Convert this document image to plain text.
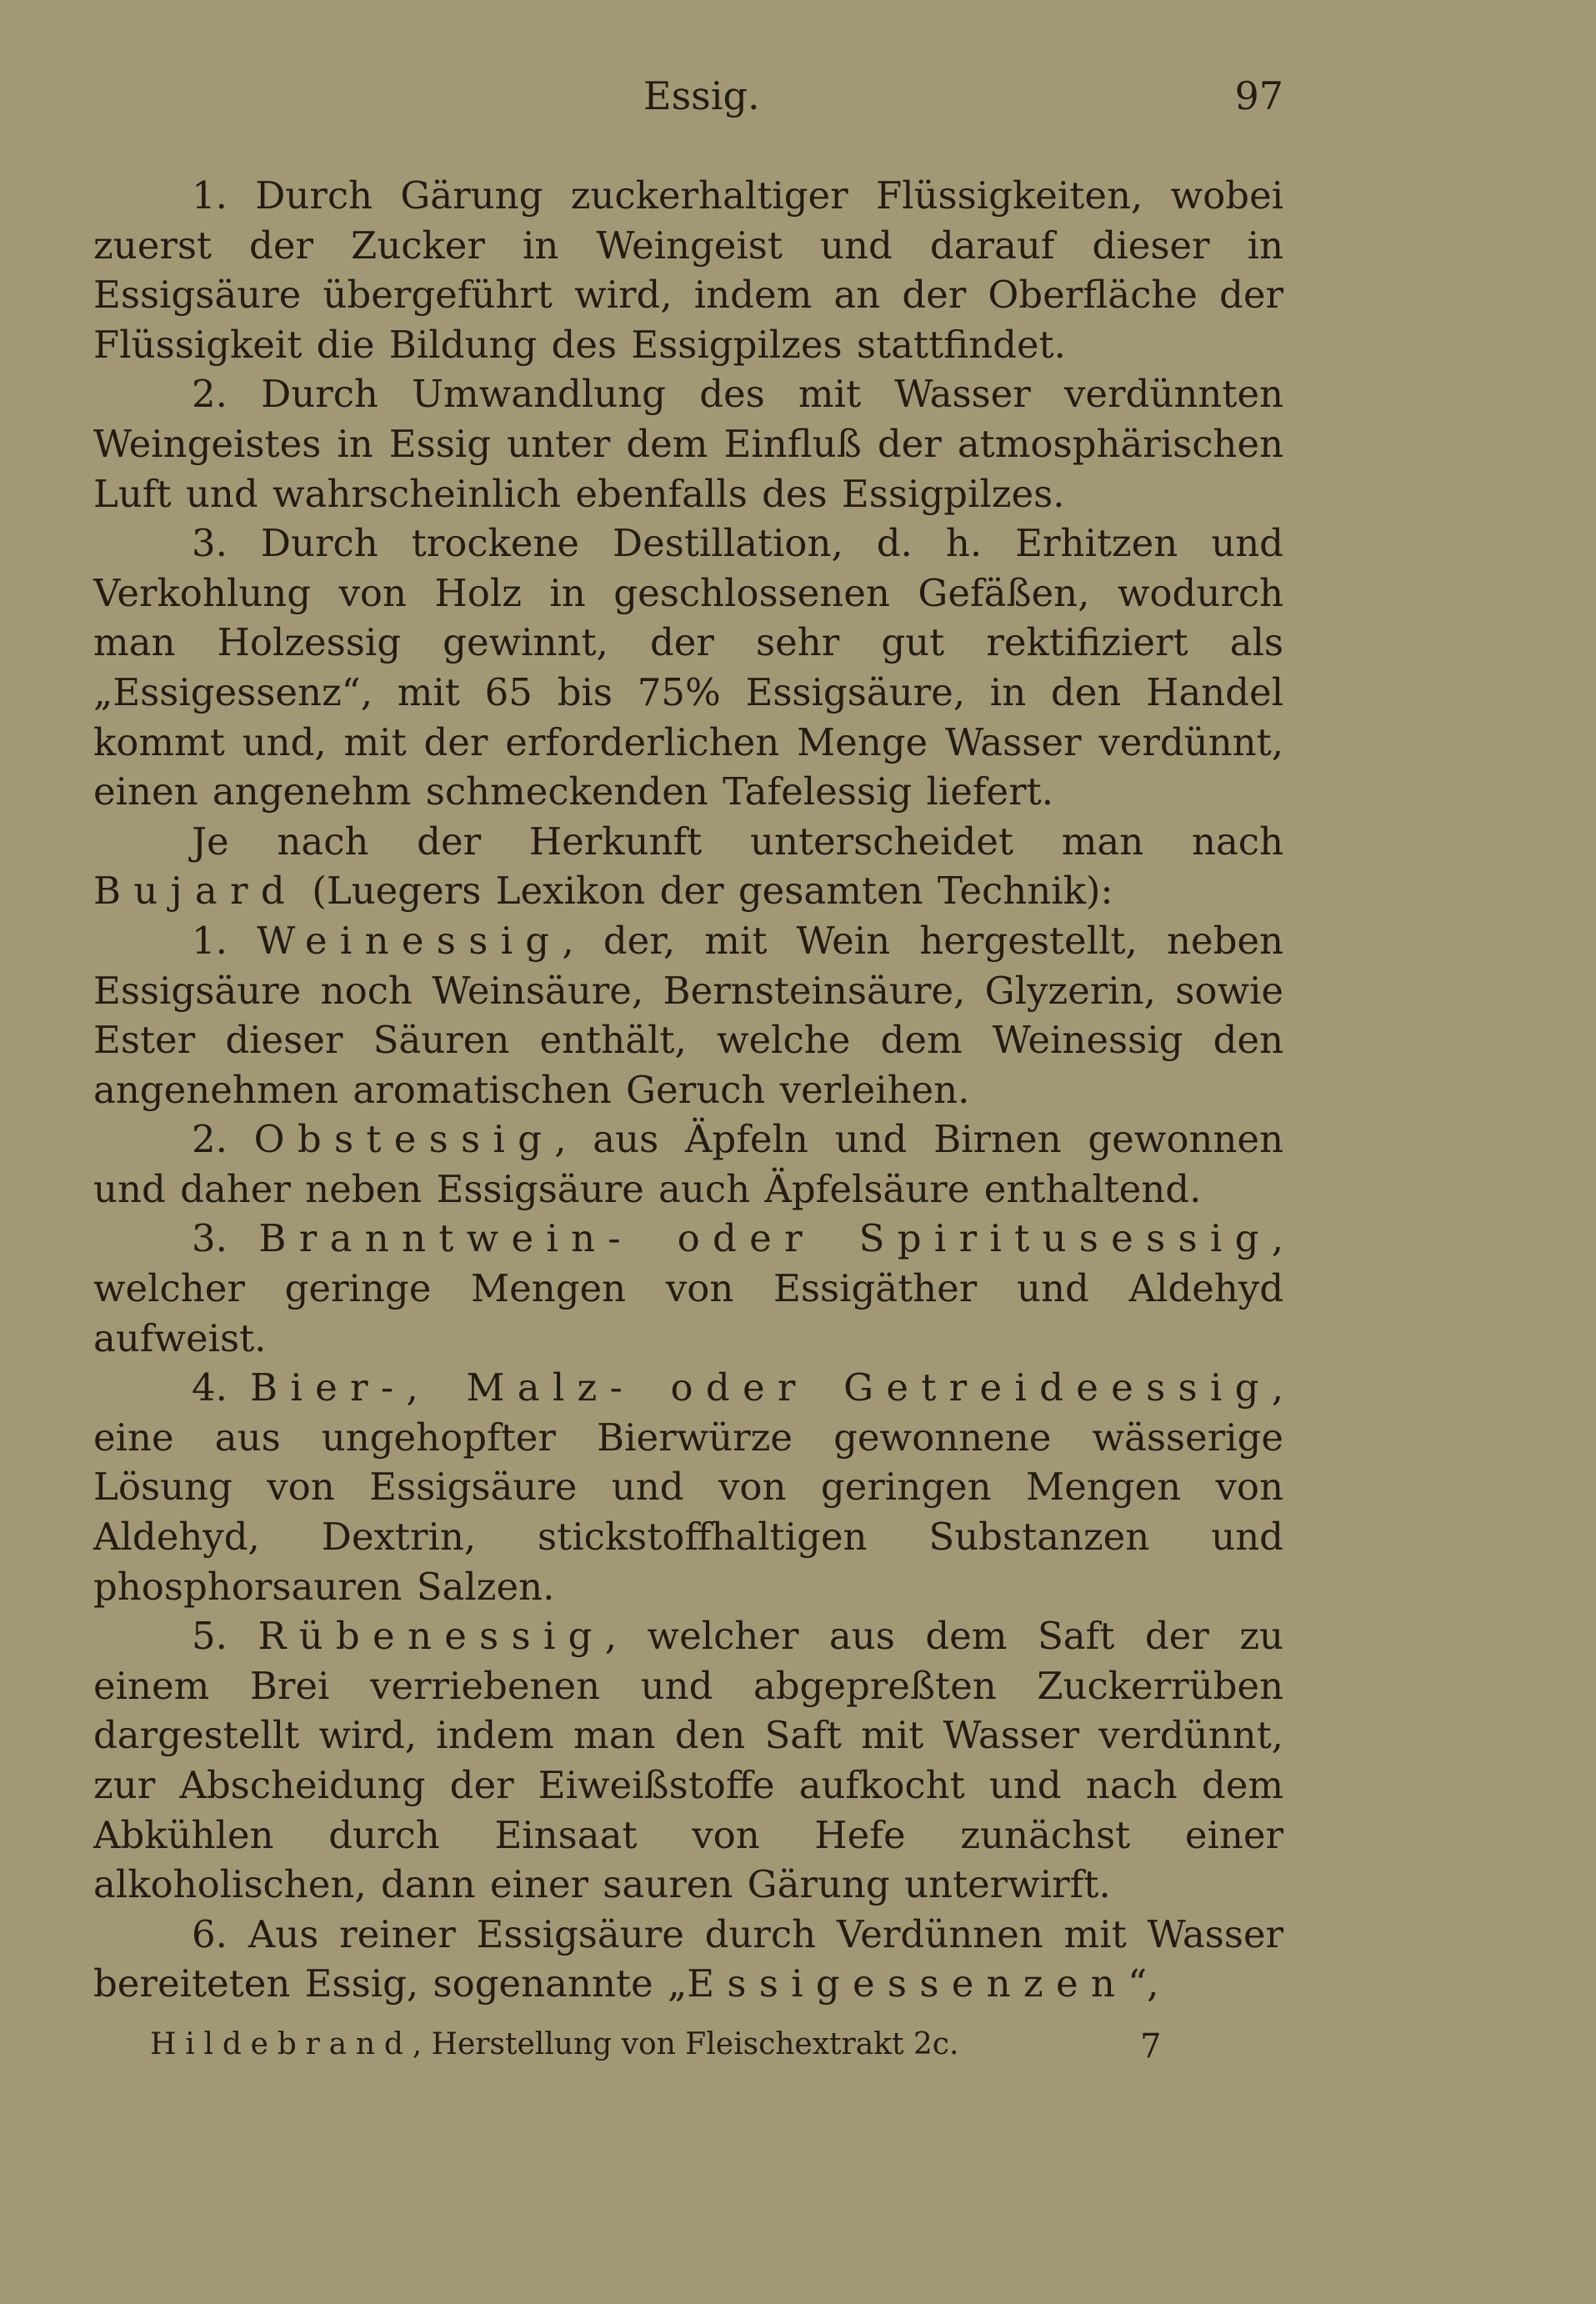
Essig.	97

1. Durch Gärung zuckerhaltiger Flüssigkeiten, wobei zuerst der Zucker in Weingeist und darauf dieser in Essigsäure übergeführt wird, indem an der Oberfläche der Flüssigkeit die Bildung des Essigpilzes stattfindet.

2. Durch Umwandlung des mit Wasser verdünnten Weingeistes in Essig unter dem Einfluß der atmosphärischen Luft und wahrscheinlich ebenfalls des Essigpilzes.

3. Durch trockene Destillation, d. h. Erhitzen und Verkohlung von Holz in geschlossenen Gefäßen, wodurch man Holzessig gewinnt, der sehr gut rektifiziert als „Essigessenz“, mit 65 bis 75% Essigsäure, in den Handel kommt und, mit der erforderlichen Menge Wasser verdünnt, einen angenehm schmeckenden Tafelessig liefert.

Je nach der Herkunft unterscheidet man nach Bujard (Luegers Lexikon der gesamten Technik):

1. Weinessig, der, mit Wein hergestellt, neben Essigsäure noch Weinsäure, Bernsteinsäure, Glyzerin, sowie Ester dieser Säuren enthält, welche dem Weinessig den angenehmen aromatischen Geruch verleihen.

2. Obstessig, aus Äpfeln und Birnen gewonnen und daher neben Essigsäure auch Äpfelsäure enthaltend.

3. Branntwein- oder Spiritusessig, welcher geringe Mengen von Essigäther und Aldehyd aufweist.

4. Bier-, Malz- oder Getreideessig, eine aus ungehopfter Bierwürze gewonnene wässerige Lösung von Essigsäure und von geringen Mengen von Aldehyd, Dextrin, stickstoffhaltigen Substanzen und phosphorsauren Salzen.

5. Rübenessig, welcher aus dem Saft der zu einem Brei verriebenen und abgepreßten Zuckerrüben dargestellt wird, indem man den Saft mit Wasser verdünnt, zur Abscheidung der Eiweißstoffe aufkocht und nach dem Abkühlen durch Einsaat von Hefe zunächst einer alkoholischen, dann einer sauren Gärung unterwirft.

6. Aus reiner Essigsäure durch Verdünnen mit Wasser bereiteten Essig, sogenannte „Essigessenzen“,

Hildebrand, Herstellung von Fleischextrakt 2c.	7
